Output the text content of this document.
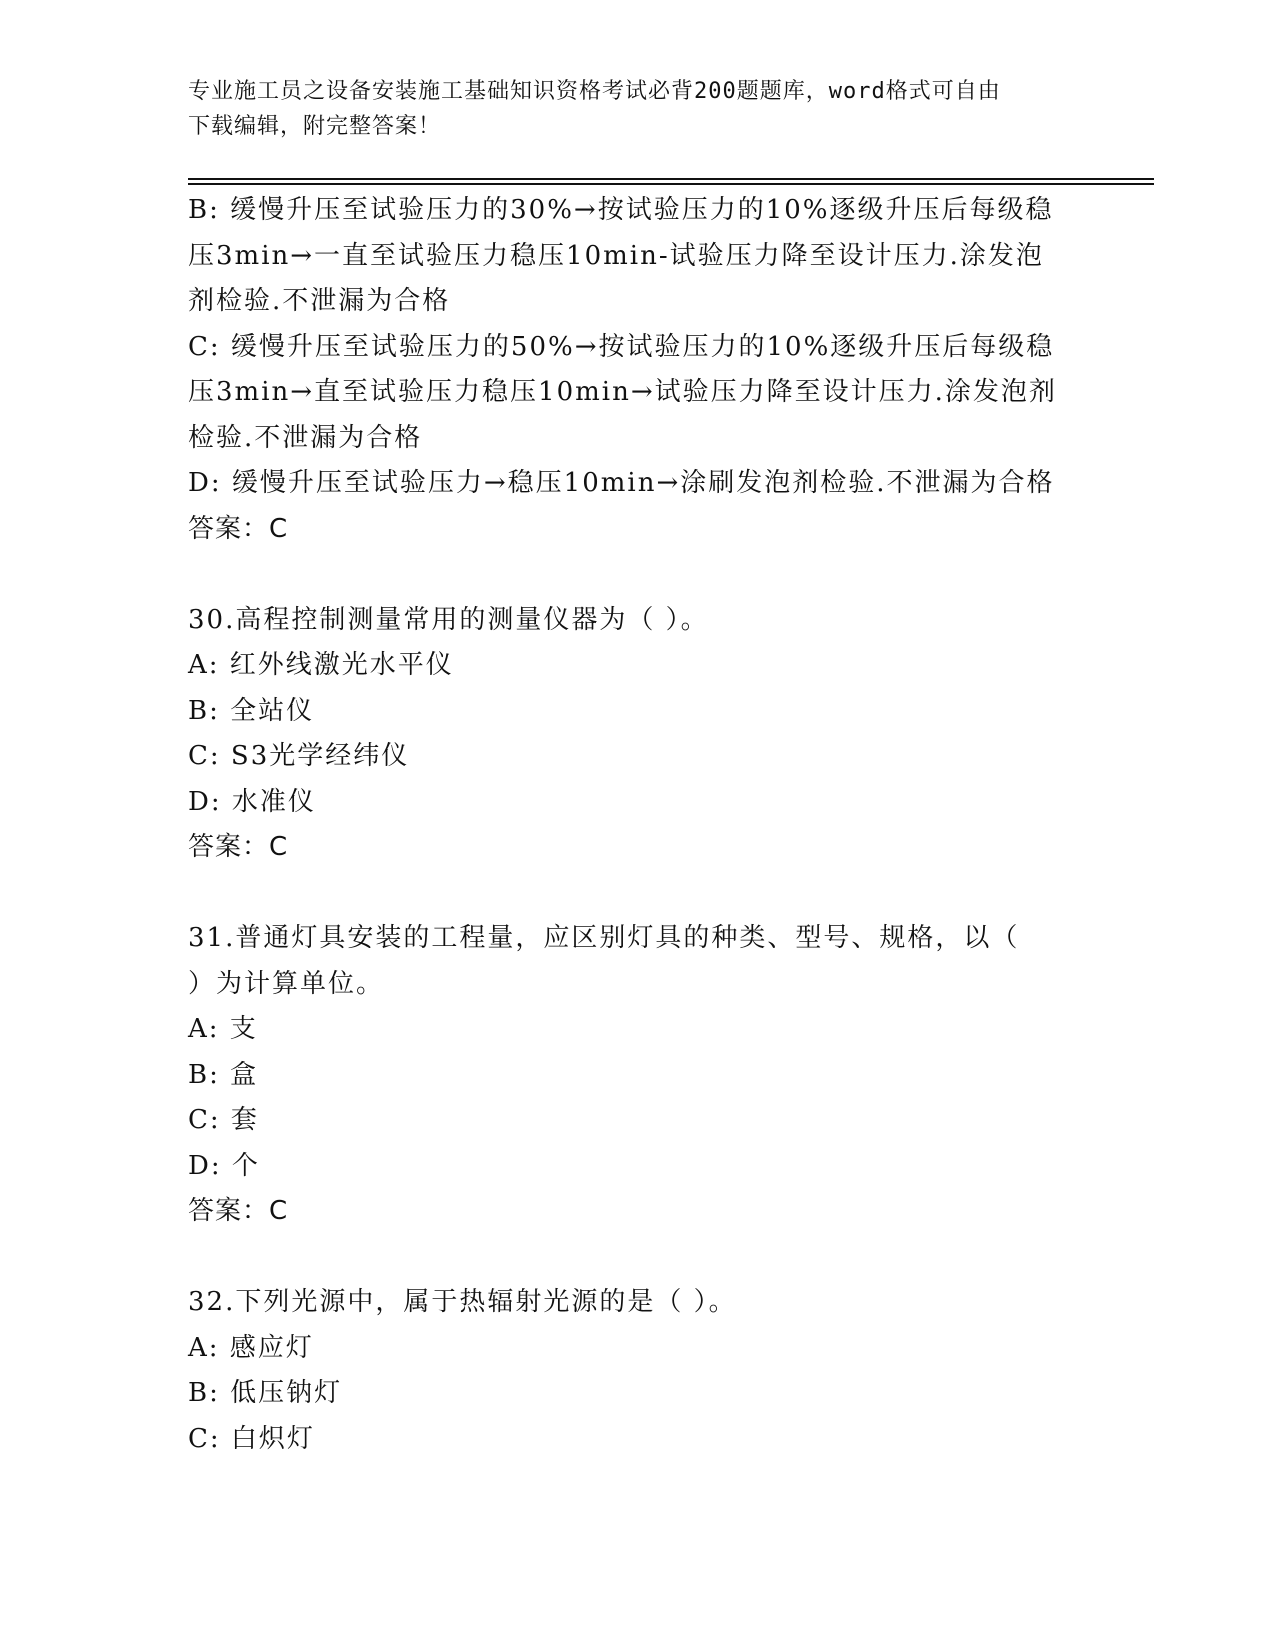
专业施工员之设备安装施工基础知识资格考试必背200题题库，word格式可自由
下载编辑，附完整答案！
B: 缓慢升压至试验压力的30%→按试验压力的10%逐级升压后每级稳
压3min→一直至试验压力稳压10min-试验压力降至设计压力.涂发泡
剂检验.不泄漏为合格
C: 缓慢升压至试验压力的50%→按试验压力的10%逐级升压后每级稳
压3min→直至试验压力稳压10min→试验压力降至设计压力.涂发泡剂
检验.不泄漏为合格
D: 缓慢升压至试验压力→稳压10min→涂刷发泡剂检验.不泄漏为合格
答案：C
30.高程控制测量常用的测量仪器为（ ）。
A: 红外线激光水平仪
B: 全站仪
C: S3光学经纬仪
D: 水准仪
答案：C
31.普通灯具安装的工程量，应区别灯具的种类、型号、规格，以（
）为计算单位。
A: 支
B: 盒
C: 套
D: 个
答案：C
32.下列光源中，属于热辐射光源的是（ ）。
A: 感应灯
B: 低压钠灯
C: 白炽灯
